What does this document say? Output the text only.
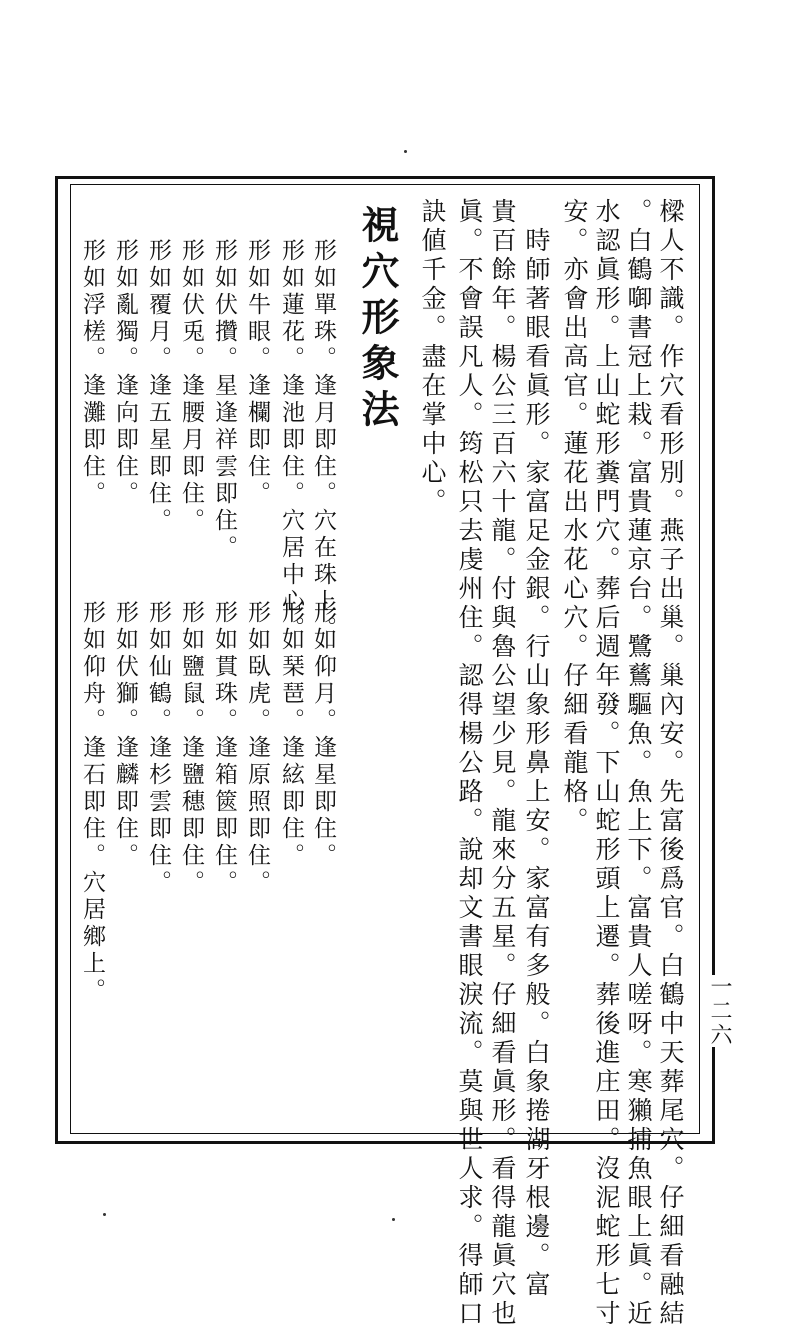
一二六
樑人不識。作穴看形別。燕子出巢。巢內安。先富後爲官。白鶴中天葬尾穴。仔細看融結
。白鶴啣書冠上栽。富貴蓮京台。鷺鶿驅魚。魚上下。富貴人嗟呀。寒獺捕魚眼上眞。近
水認眞形。上山蛇形糞門穴。葬后週年發。下山蛇形頭上遷。葬後進庄田。沒泥蛇形七寸
安。亦會出高官。蓮花出水花心穴。仔細看龍格。
　時師著眼看眞形。家富足金銀。行山象形鼻上安。家富有多般。白象捲湖牙根邊。富
貴百餘年。楊公三百六十龍。付與魯公望少見。龍來分五星。仔細看眞形。看得龍眞穴也
眞。不會誤凡人。筠松只去虔州住。認得楊公路。說却文書眼淚流。莫與世人求。得師口
訣値千金。盡在掌中心。
視穴形象法
形如單珠。逢月即住。穴在珠上。
形如蓮花。逢池即住。穴居中心。
形如牛眼。逢欄即住。
形如伏攢。星逢祥雲即住。
形如伏兎。逢腰月即住。
形如覆月。逢五星即住。
形如亂獨。逢向即住。
形如浮槎。逢灘即住。
形如仰月。逢星即住。
形如琹琶。逢絃即住。
形如臥虎。逢原照即住。
形如貫珠。逢箱篋即住。
形如鹽鼠。逢鹽穗即住。
形如仙鶴。逢杉雲即住。
形如伏獅。逢麟即住。
形如仰舟。逢石即住。穴居鄉上。
